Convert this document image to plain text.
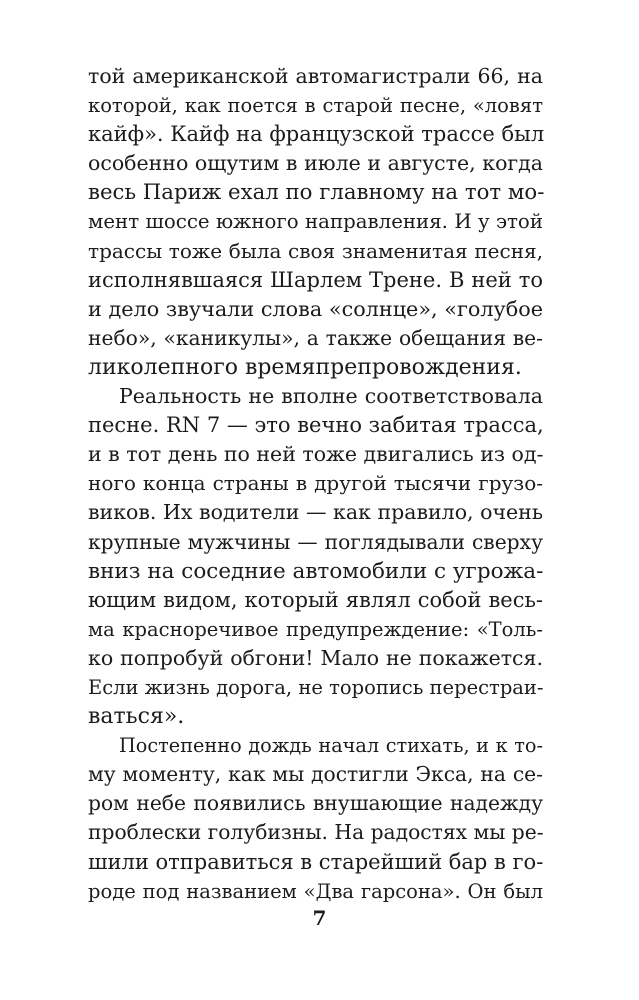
той американской автомагистрали 66, на
которой, как поется в старой песне, «ловят
кайф». Кайф на французской трассе был
особенно ощутим в июле и августе, когда
весь Париж ехал по главному на тот мо-
мент шоссе южного направления. И у этой
трассы тоже была своя знаменитая песня,
исполнявшаяся Шарлем Трене. В ней то
и дело звучали слова «солнце», «голубое
небо», «каникулы», а также обещания ве-
ликолепного времяпрепровождения.
Реальность не вполне соответствовала
песне. RN 7 — это вечно забитая трасса,
и в тот день по ней тоже двигались из од-
ного конца страны в другой тысячи грузо-
виков. Их водители — как правило, очень
крупные мужчины — поглядывали сверху
вниз на соседние автомобили с угрожа-
ющим видом, который являл собой весь-
ма красноречивое предупреждение: «Толь-
ко попробуй обгони! Мало не покажется.
Если жизнь дорога, не торопись перестраи-
ваться».
Постепенно дождь начал стихать, и к то-
му моменту, как мы достигли Экса, на се-
ром небе появились внушающие надежду
проблески голубизны. На радостях мы ре-
шили отправиться в старейший бар в го-
роде под названием «Два гарсона». Он был
7
